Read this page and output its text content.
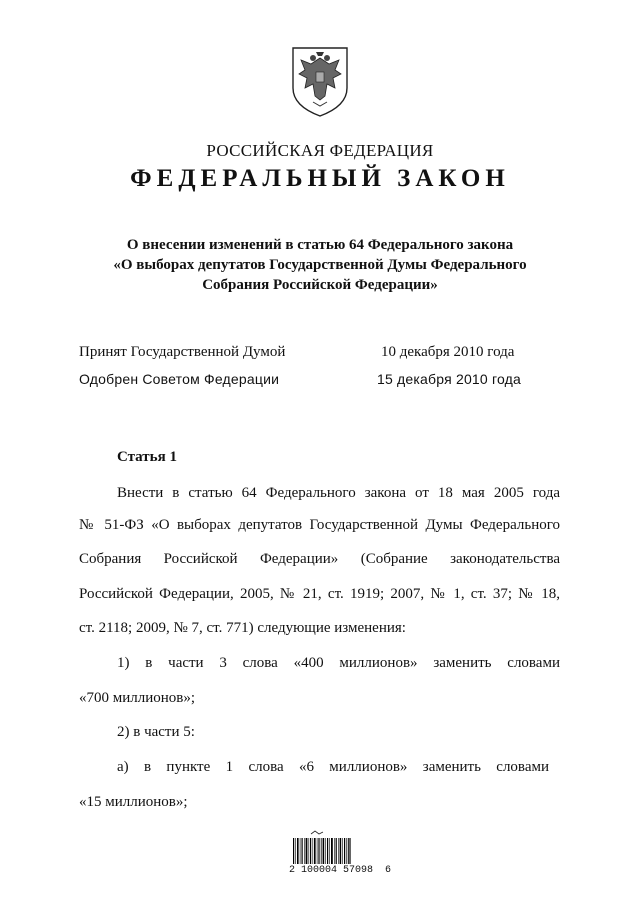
РОССИЙСКАЯ ФЕДЕРАЦИЯ
ФЕДЕРАЛЬНЫЙ ЗАКОН
О внесении изменений в статью 64 Федерального закона
«О выборах депутатов Государственной Думы Федерального
Собрания Российской Федерации»
Принят Государственной Думой	10 декабря 2010 года
Одобрен Советом Федерации	15 декабря 2010 года
Статья 1
Внести в статью 64 Федерального закона от 18 мая 2005 года
№ 51-ФЗ «О выборах депутатов Государственной Думы Федерального
Собрания Российской Федерации» (Собрание законодательства
Российской Федерации, 2005, № 21, ст. 1919; 2007, № 1, ст. 37; № 18,
ст. 2118; 2009, № 7, ст. 771) следующие изменения:
1) в части 3 слова «400 миллионов» заменить словами
«700 миллионов»;
2) в части 5:
а) в пункте 1 слова «6 миллионов» заменить словами
«15 миллионов»;
2 100004 57098  6
